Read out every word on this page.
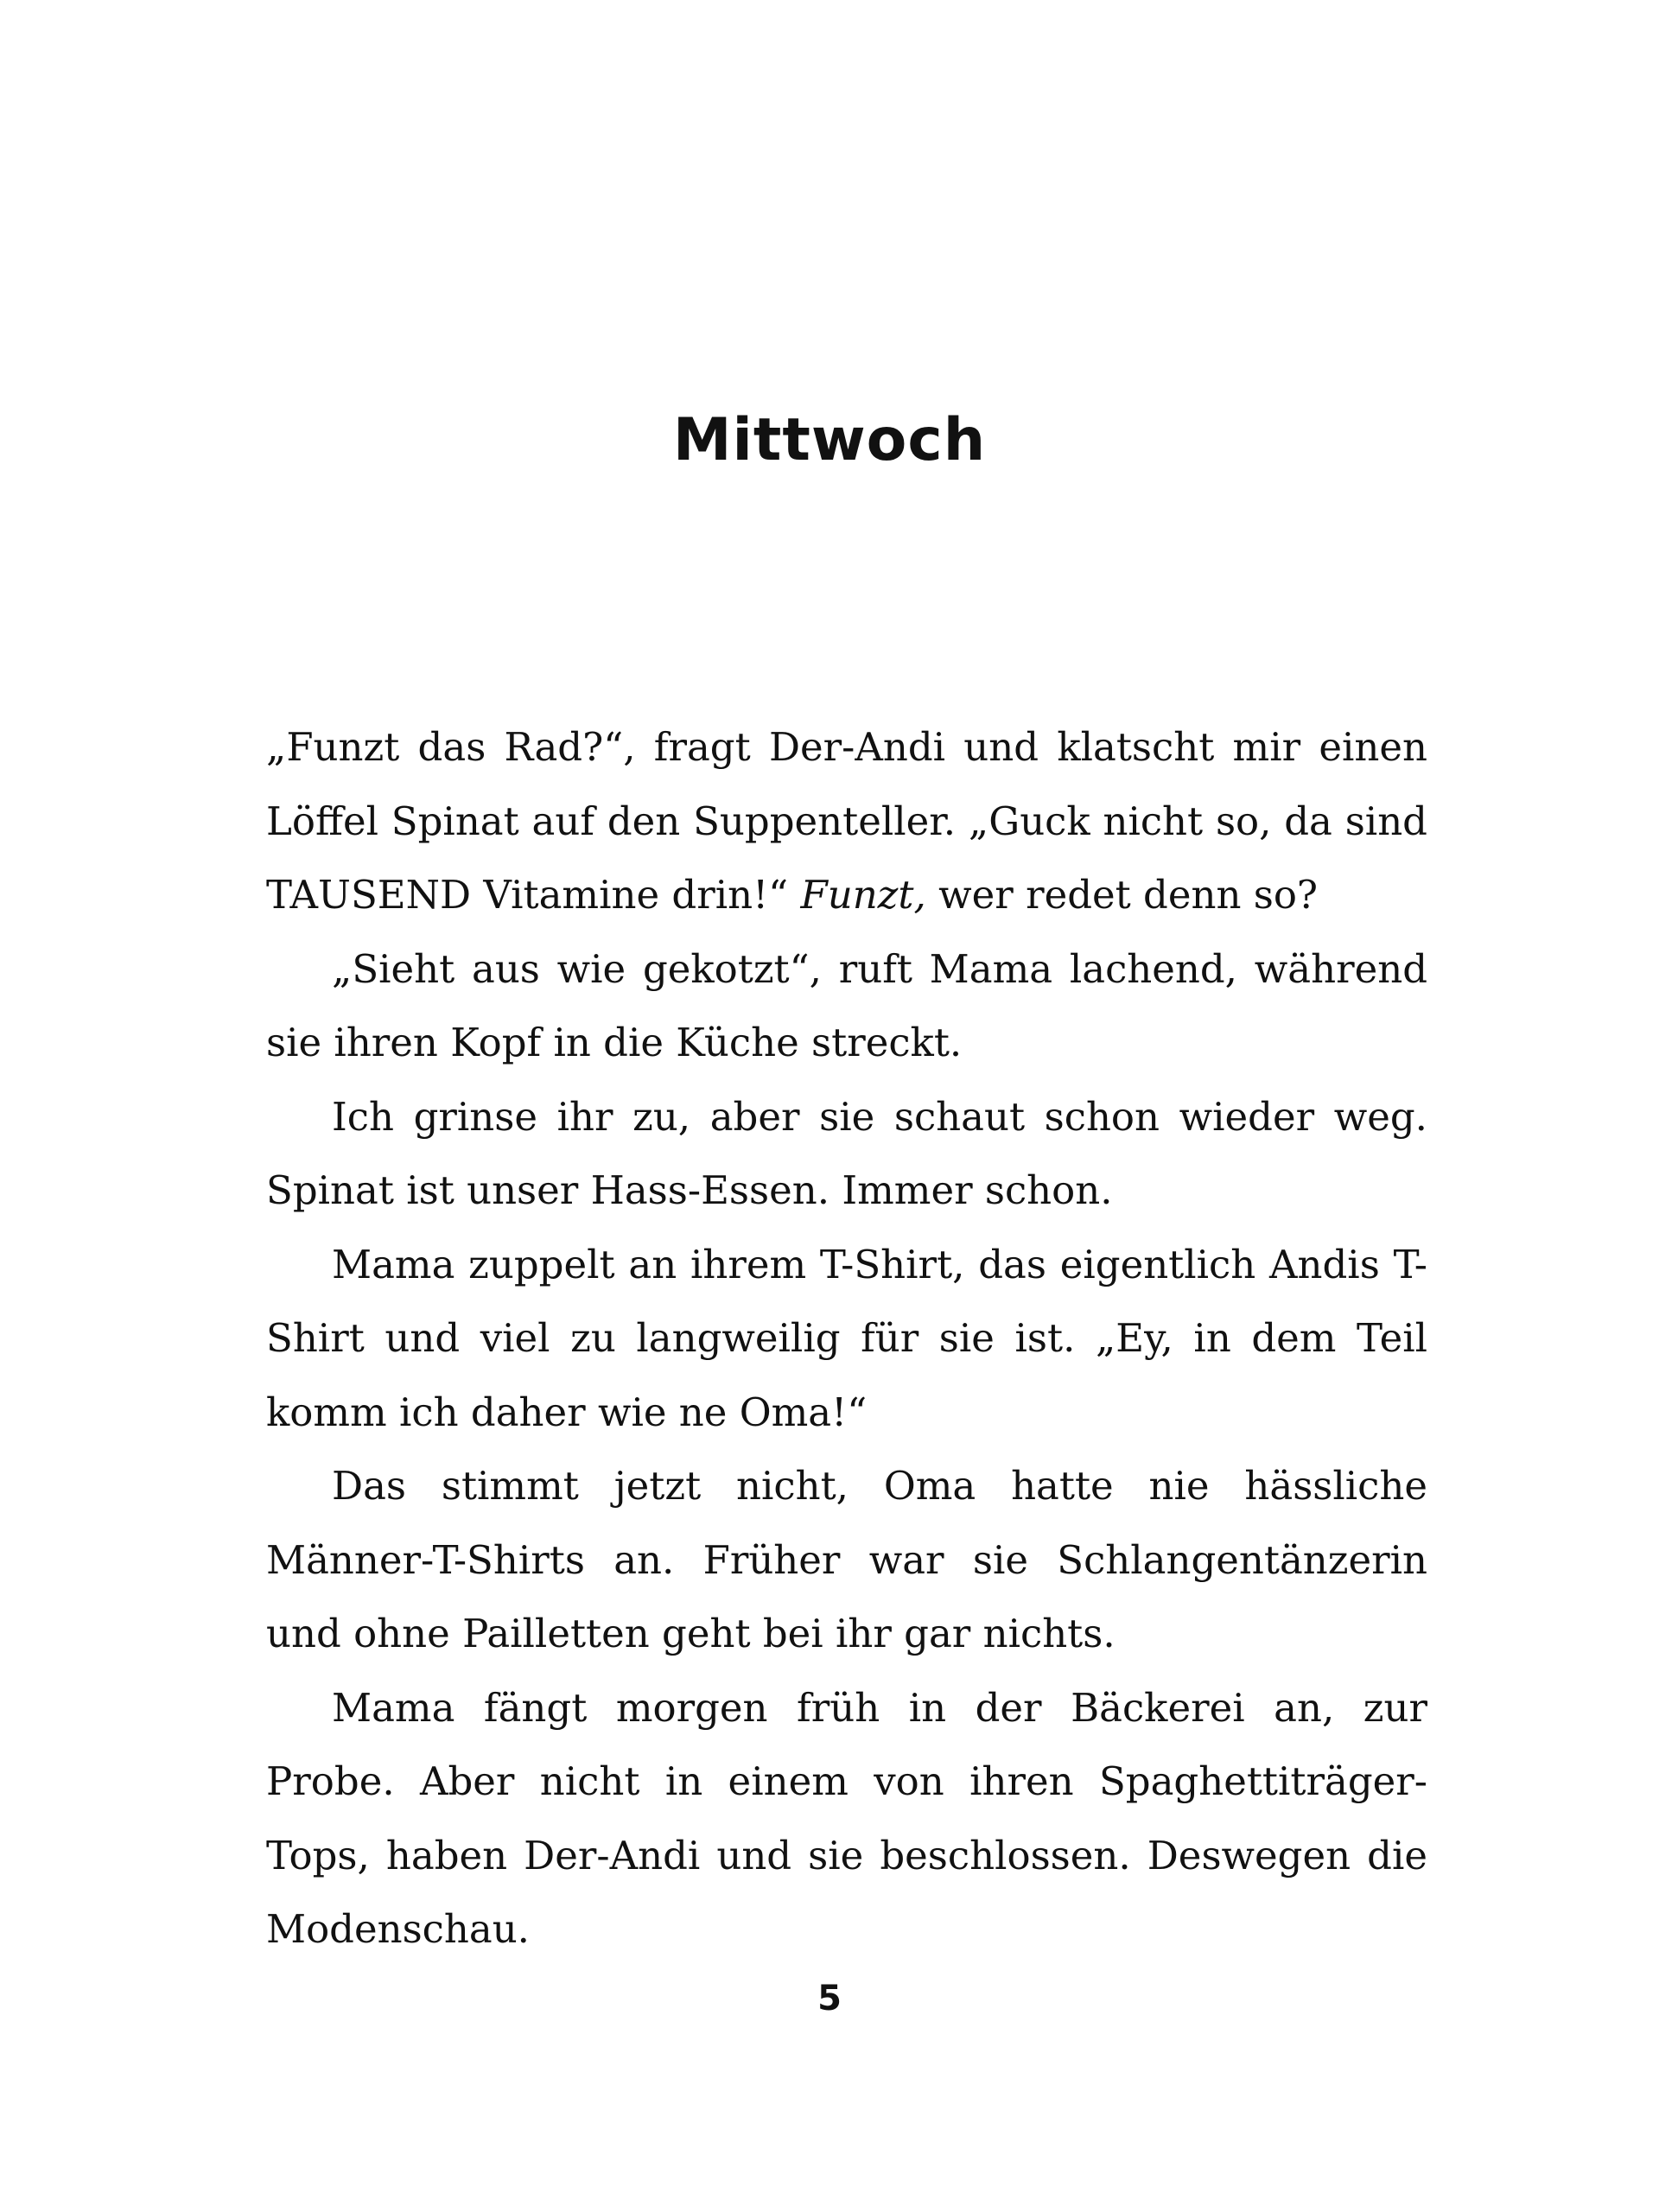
Mittwoch

„Funzt das Rad?“, fragt Der-Andi und klatscht mir einen Löffel Spinat auf den Suppenteller. „Guck nicht so, da sind TAUSEND Vitamine drin!“ Funzt, wer redet denn so?

„Sieht aus wie gekotzt“, ruft Mama lachend, während sie ihren Kopf in die Küche streckt.

Ich grinse ihr zu, aber sie schaut schon wieder weg. Spinat ist unser Hass-Essen. Immer schon.

Mama zuppelt an ihrem T-Shirt, das eigentlich Andis T-Shirt und viel zu langweilig für sie ist. „Ey, in dem Teil komm ich daher wie ne Oma!“

Das stimmt jetzt nicht, Oma hatte nie hässliche Männer-T-Shirts an. Früher war sie Schlangentänzerin und ohne Pailletten geht bei ihr gar nichts.

Mama fängt morgen früh in der Bäckerei an, zur Probe. Aber nicht in einem von ihren Spaghettiträger-Tops, haben Der-Andi und sie beschlossen. Deswegen die Modenschau.

5
